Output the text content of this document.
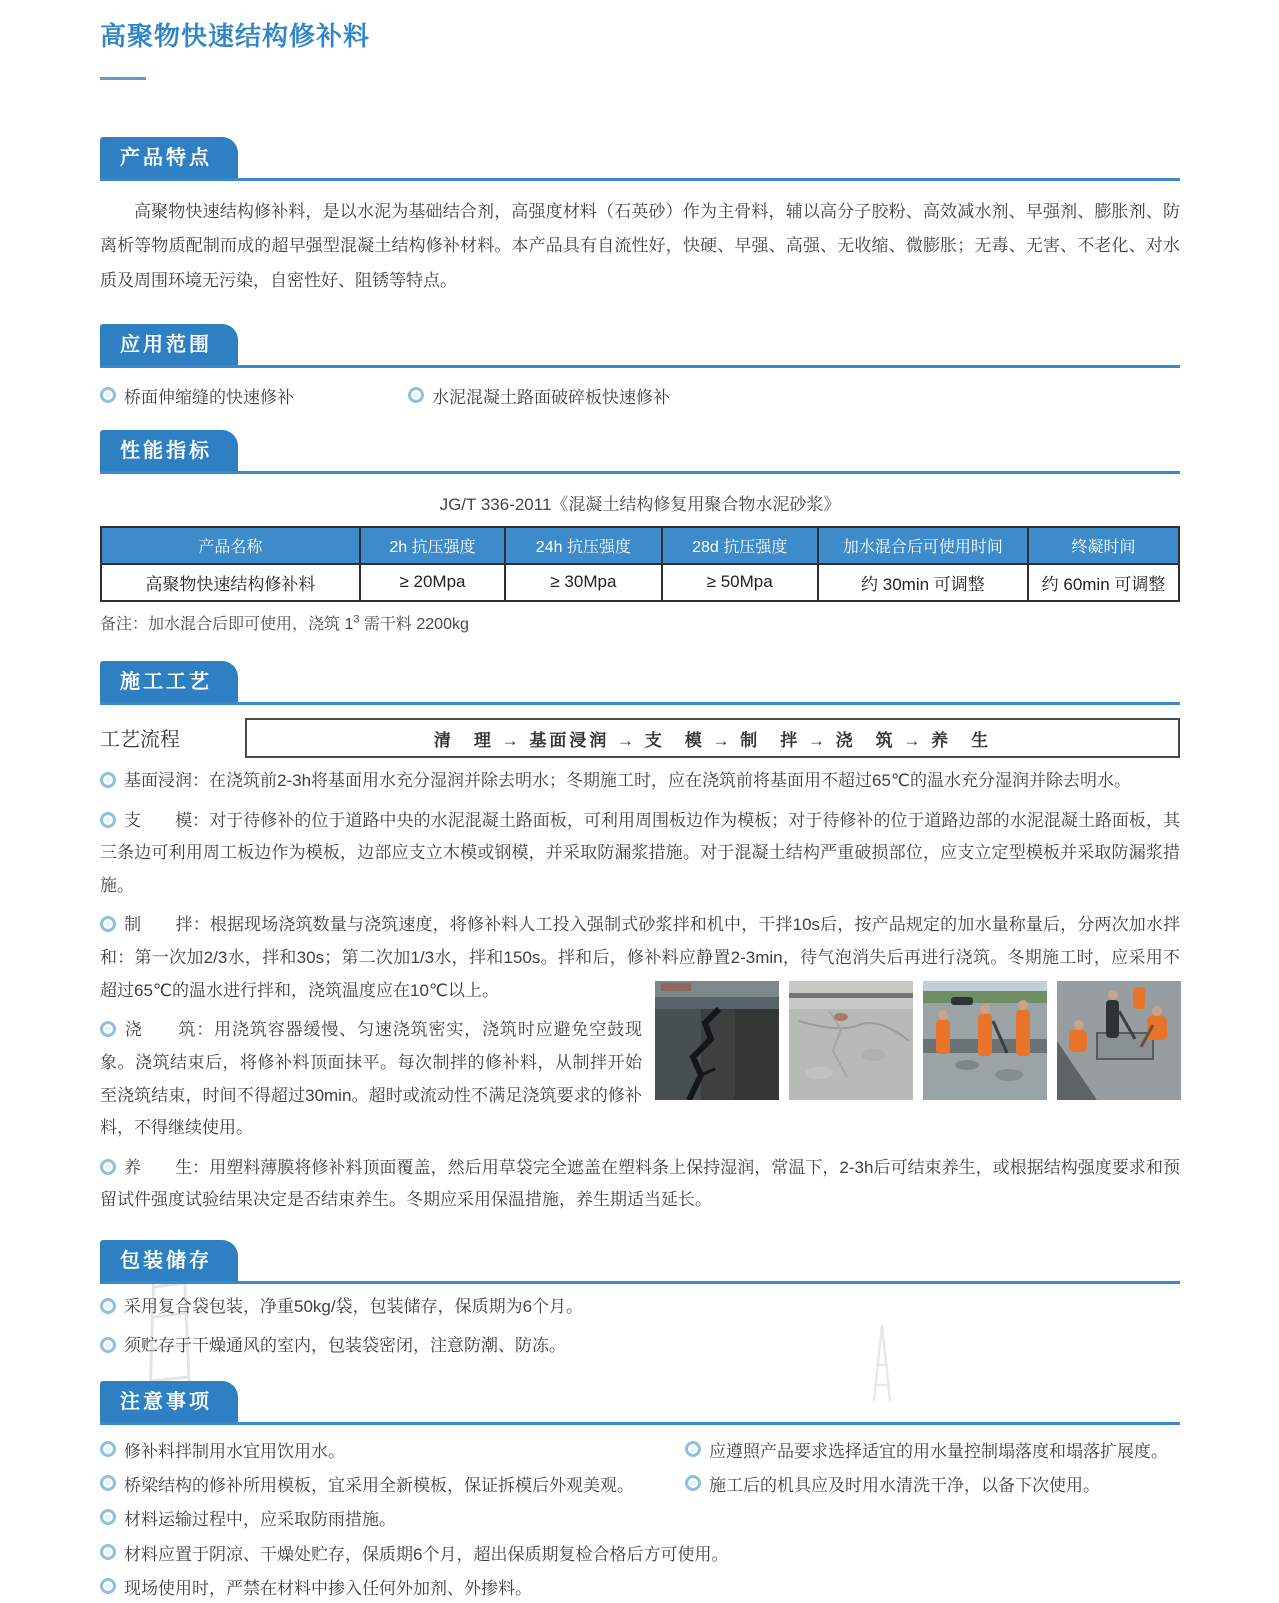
高聚物快速结构修补料
产品特点

高聚物快速结构修补料，是以水泥为基础结合剂，高强度材料（石英砂）作为主骨料，辅以高分子胶粉、高效减水剂、早强剂、膨胀剂、防离析等物质配制而成的超早强型混凝土结构修补材料。本产品具有自流性好，快硬、早强、高强、无收缩、微膨胀；无毒、无害、不老化、对水质及周围环境无污染，自密性好、阻锈等特点。

应用范围
桥面伸缩缝的快速修补	水泥混凝土路面破碎板快速修补
性能指标

JG/T 336-2011《混凝土结构修复用聚合物水泥砂浆》

产品名称	2h 抗压强度	24h 抗压强度	28d 抗压强度	加水混合后可使用时间	终凝时间
高聚物快速结构修补料	≥ 20Mpa	≥ 30Mpa	≥ 50Mpa	约 30min 可调整	约 60min 可调整

备注：加水混合后即可使用，浇筑 $1^3$ 需干料 2200kg

施工工艺
工艺流程	清　理 → 基面浸润 → 支　模 → 制　拌 → 浇　筑 → 养　生

基面浸润：在浇筑前2-3h将基面用水充分湿润并除去明水；冬期施工时，应在浇筑前将基面用不超过65℃的温水充分湿润并除去明水。

支　　模：对于待修补的位于道路中央的水泥混凝土路面板，可利用周围板边作为模板；对于待修补的位于道路边部的水泥混凝土路面板，其三条边可利用周工板边作为模板，边部应支立木模或钢模，并采取防漏浆措施。对于混凝土结构严重破损部位，应支立定型模板并采取防漏浆措施。

制　　拌：根据现场浇筑数量与浇筑速度，将修补料人工投入强制式砂浆拌和机中，干拌10s后，按产品规定的加水量称量后，分两次加水拌和：第一次加2/3水，拌和30s；第二次加1/3水，拌和150s。拌和后，修补料应静置2-3min，待气泡消失后再进行浇筑。冬期施工时，应采用不超过65℃的温水进行拌和，浇筑温度应在10℃以上。

浇　　筑：用浇筑容器缓慢、匀速浇筑密实，浇筑时应避免空鼓现象。浇筑结束后，将修补料顶面抹平。每次制拌的修补料，从制拌开始至浇筑结束，时间不得超过30min。超时或流动性不满足浇筑要求的修补料，不得继续使用。

养　　生：用塑料薄膜将修补料顶面覆盖，然后用草袋完全遮盖在塑料条上保持湿润，常温下，2-3h后可结束养生，或根据结构强度要求和预留试件强度试验结果决定是否结束养生。冬期应采用保温措施，养生期适当延长。

包装储存

采用复合袋包装，净重50kg/袋，包装储存，保质期为6个月。

须贮存于干燥通风的室内，包装袋密闭，注意防潮、防冻。

注意事项

修补料拌制用水宜用饮用水。	应遵照产品要求选择适宜的用水量控制塌落度和塌落扩展度。

桥梁结构的修补所用模板，宜采用全新模板，保证拆模后外观美观。	施工后的机具应及时用水清洗干净，以备下次使用。

材料运输过程中，应采取防雨措施。

材料应置于阴凉、干燥处贮存，保质期6个月，超出保质期复检合格后方可使用。

现场使用时，严禁在材料中掺入任何外加剂、外掺料。
